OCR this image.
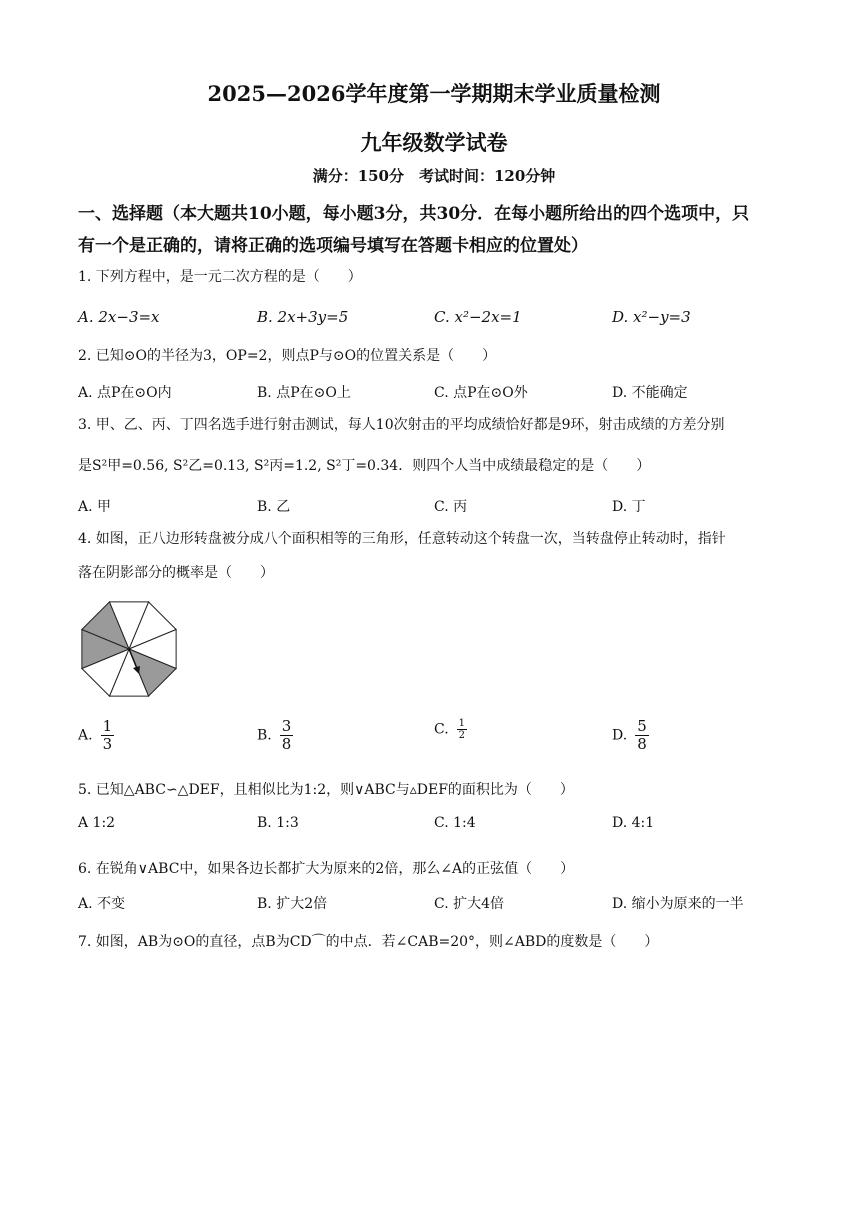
2025—2026学年度第一学期期末学业质量检测
九年级数学试卷
满分：150分　考试时间：120分钟
一、选择题（本大题共10小题，每小题3分，共30分．在每小题所给出的四个选项中，只
有一个是正确的，请将正确的选项编号填写在答题卡相应的位置处）
1. 下列方程中，是一元二次方程的是（　　）
A. 2x−3=x	B. 2x+3y=5	C. x²−2x=1	D. x²−y=3
2. 已知⊙O的半径为3，OP=2，则点P与⊙O的位置关系是（　　）
A. 点P在⊙O内	B. 点P在⊙O上	C. 点P在⊙O外	D. 不能确定
3. 甲、乙、丙、丁四名选手进行射击测试，每人10次射击的平均成绩恰好都是9环，射击成绩的方差分别
是S²甲=0.56, S²乙=0.13, S²丙=1.2, S²丁=0.34．则四个人当中成绩最稳定的是（　　）
A. 甲	B. 乙	C. 丙	D. 丁
4. 如图，正八边形转盘被分成八个面积相等的三角形，任意转动这个转盘一次，当转盘停止转动时，指针
落在阴影部分的概率是（　　）
A. $\frac{1}{3}$	B. $\frac{3}{8}$	C. $\frac{1}{2}$	D. $\frac{5}{8}$
5. 已知△ABC∽△DEF，且相似比为1:2，则∨ABC与▵DEF的面积比为（　　）
A 1:2	B. 1:3	C. 1:4	D. 4:1
6. 在锐角∨ABC中，如果各边长都扩大为原来的2倍，那么∠A的正弦值（　　）
A. 不变	B. 扩大2倍	C. 扩大4倍	D. 缩小为原来的一半
7. 如图，AB为⊙O的直径，点B为CD⌒的中点．若∠CAB=20°，则∠ABD的度数是（　　）
